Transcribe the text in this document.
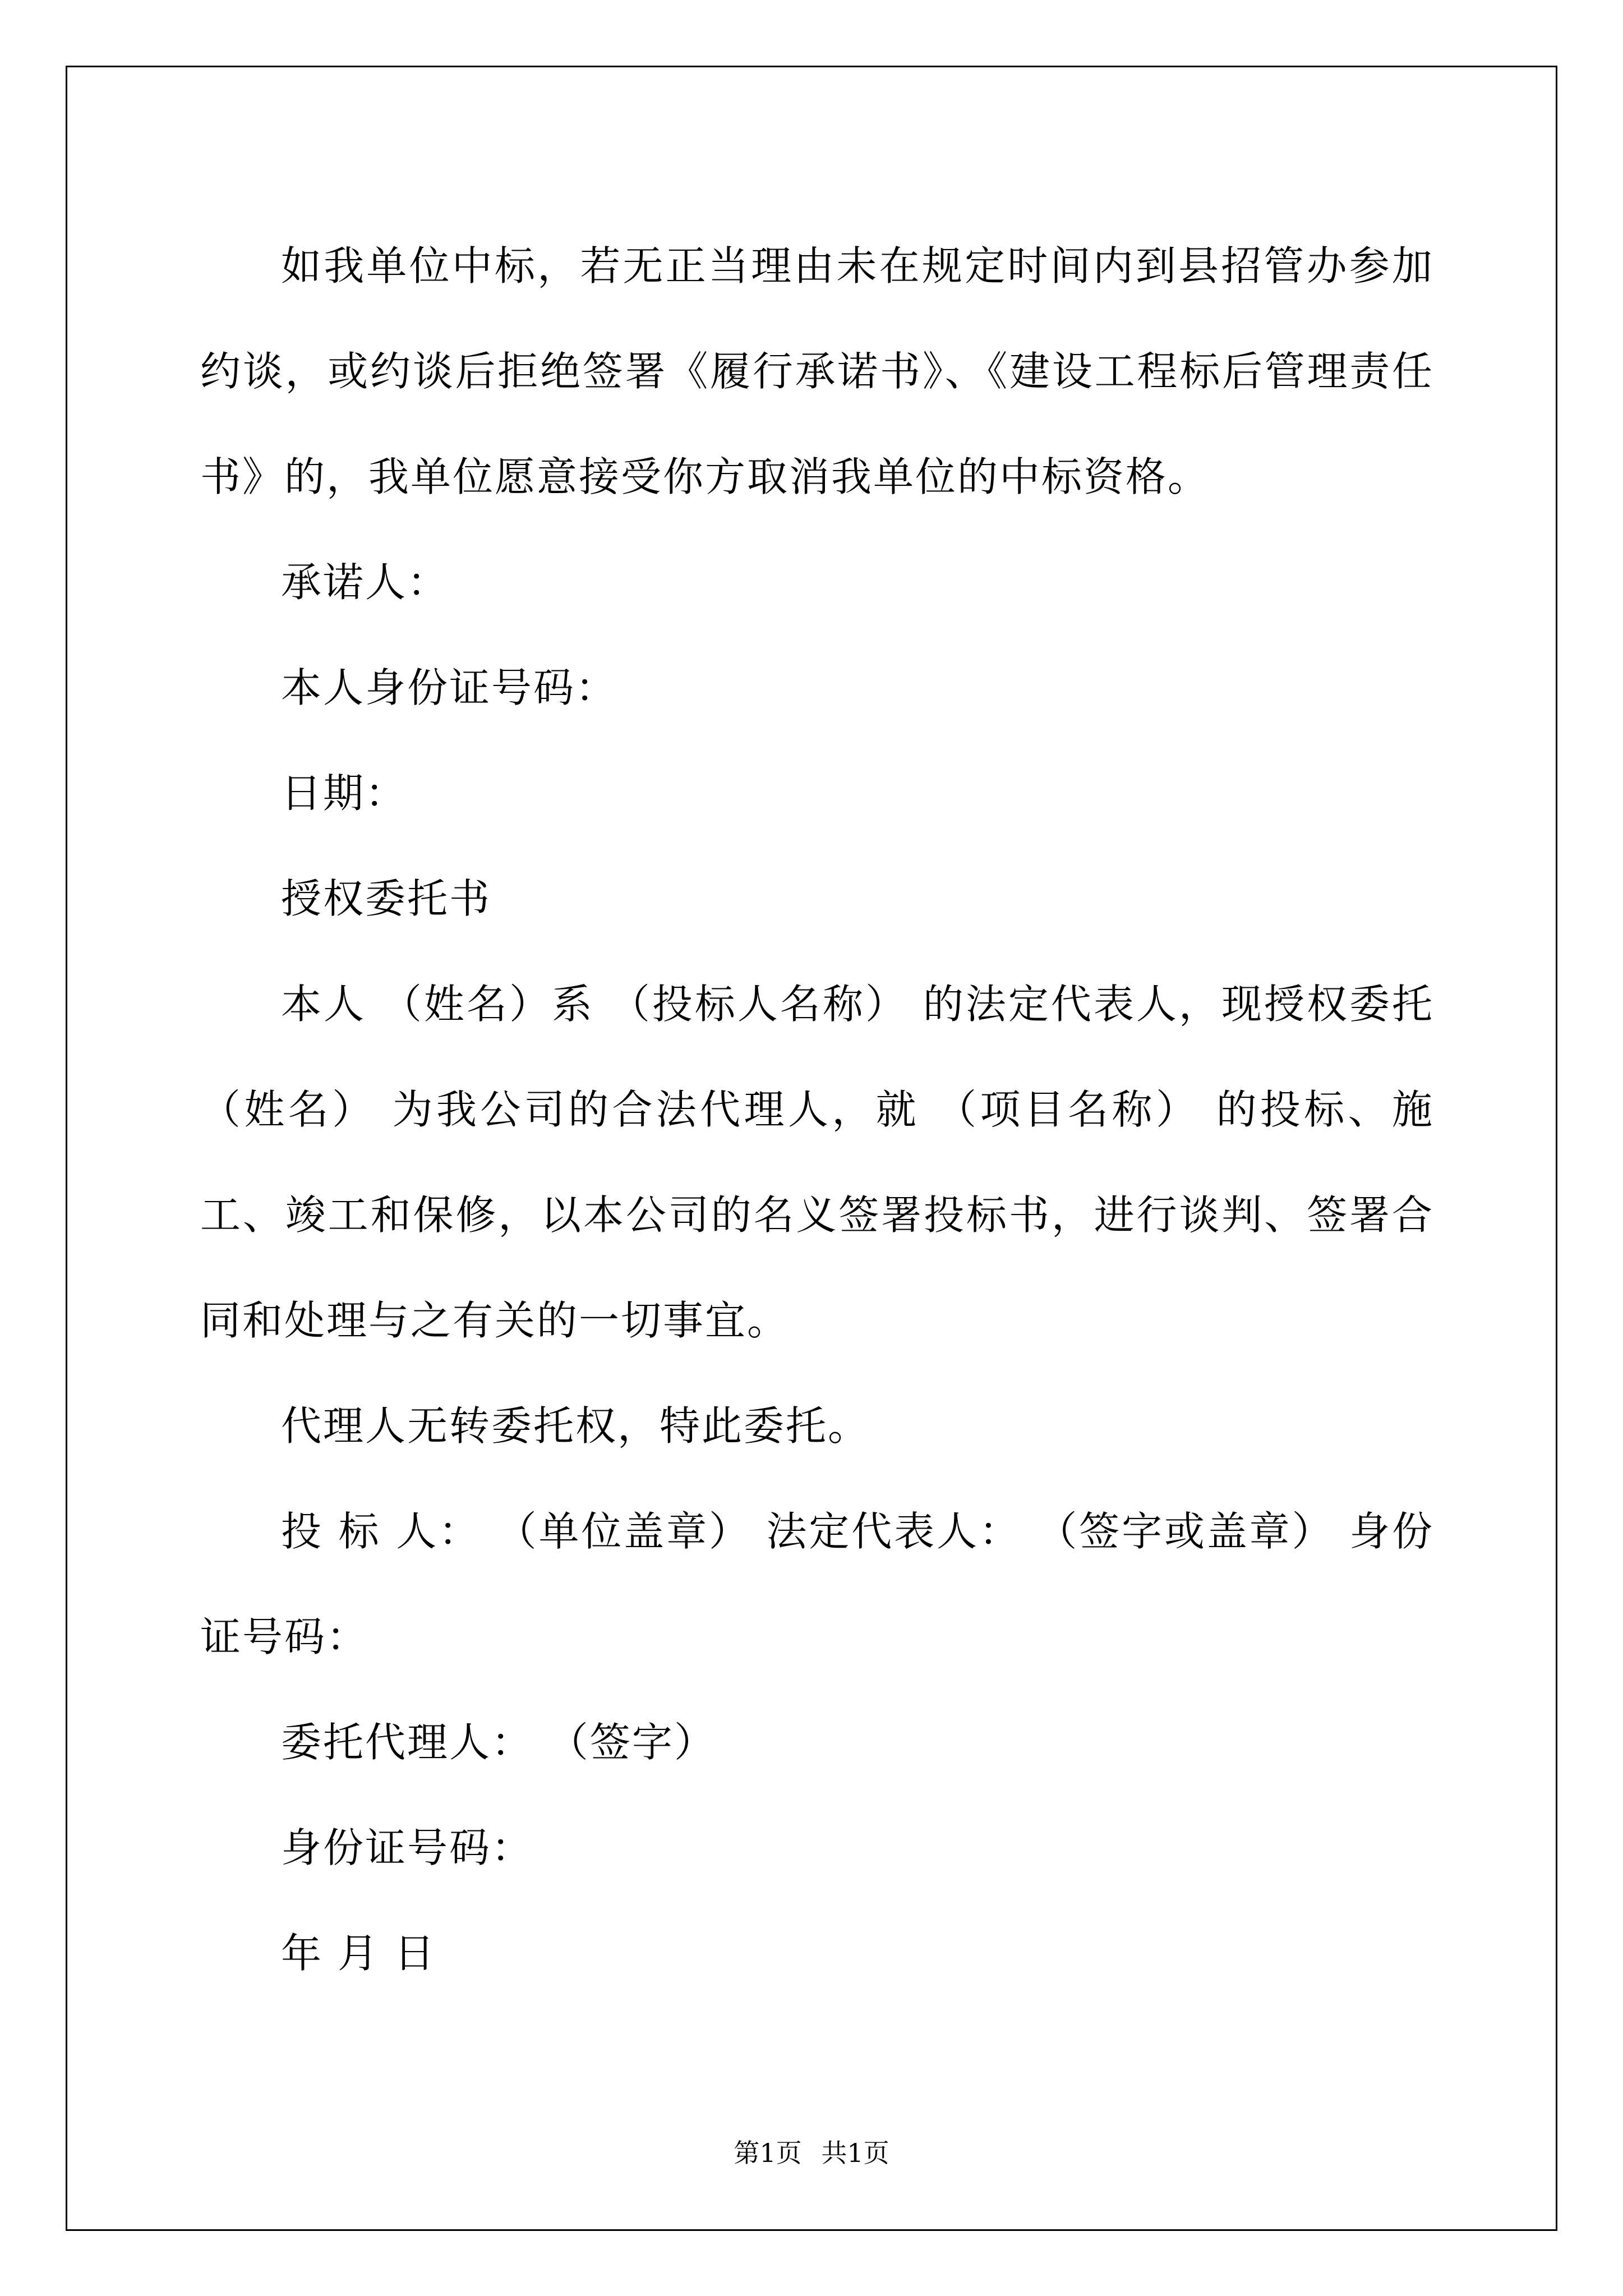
如我单位中标，若无正当理由未在规定时间内到县招管办参加约谈，或约谈后拒绝签署《履行承诺书》、《建设工程标后管理责任书》的，我单位愿意接受你方取消我单位的中标资格。

承诺人：

本人身份证号码：

日期：

授权委托书

本人 （姓名）系 （投标人名称） 的法定代表人，现授权委托 （姓名） 为我公司的合法代理人，就 （项目名称） 的投标、施工、竣工和保修，以本公司的名义签署投标书，进行谈判、签署合同和处理与之有关的一切事宜。

代理人无转委托权，特此委托。

投 标 人： （单位盖章） 法定代表人： （签字或盖章） 身份证号码：

委托代理人： （签字）

身份证号码：

年 月 日

第1页 共1页
